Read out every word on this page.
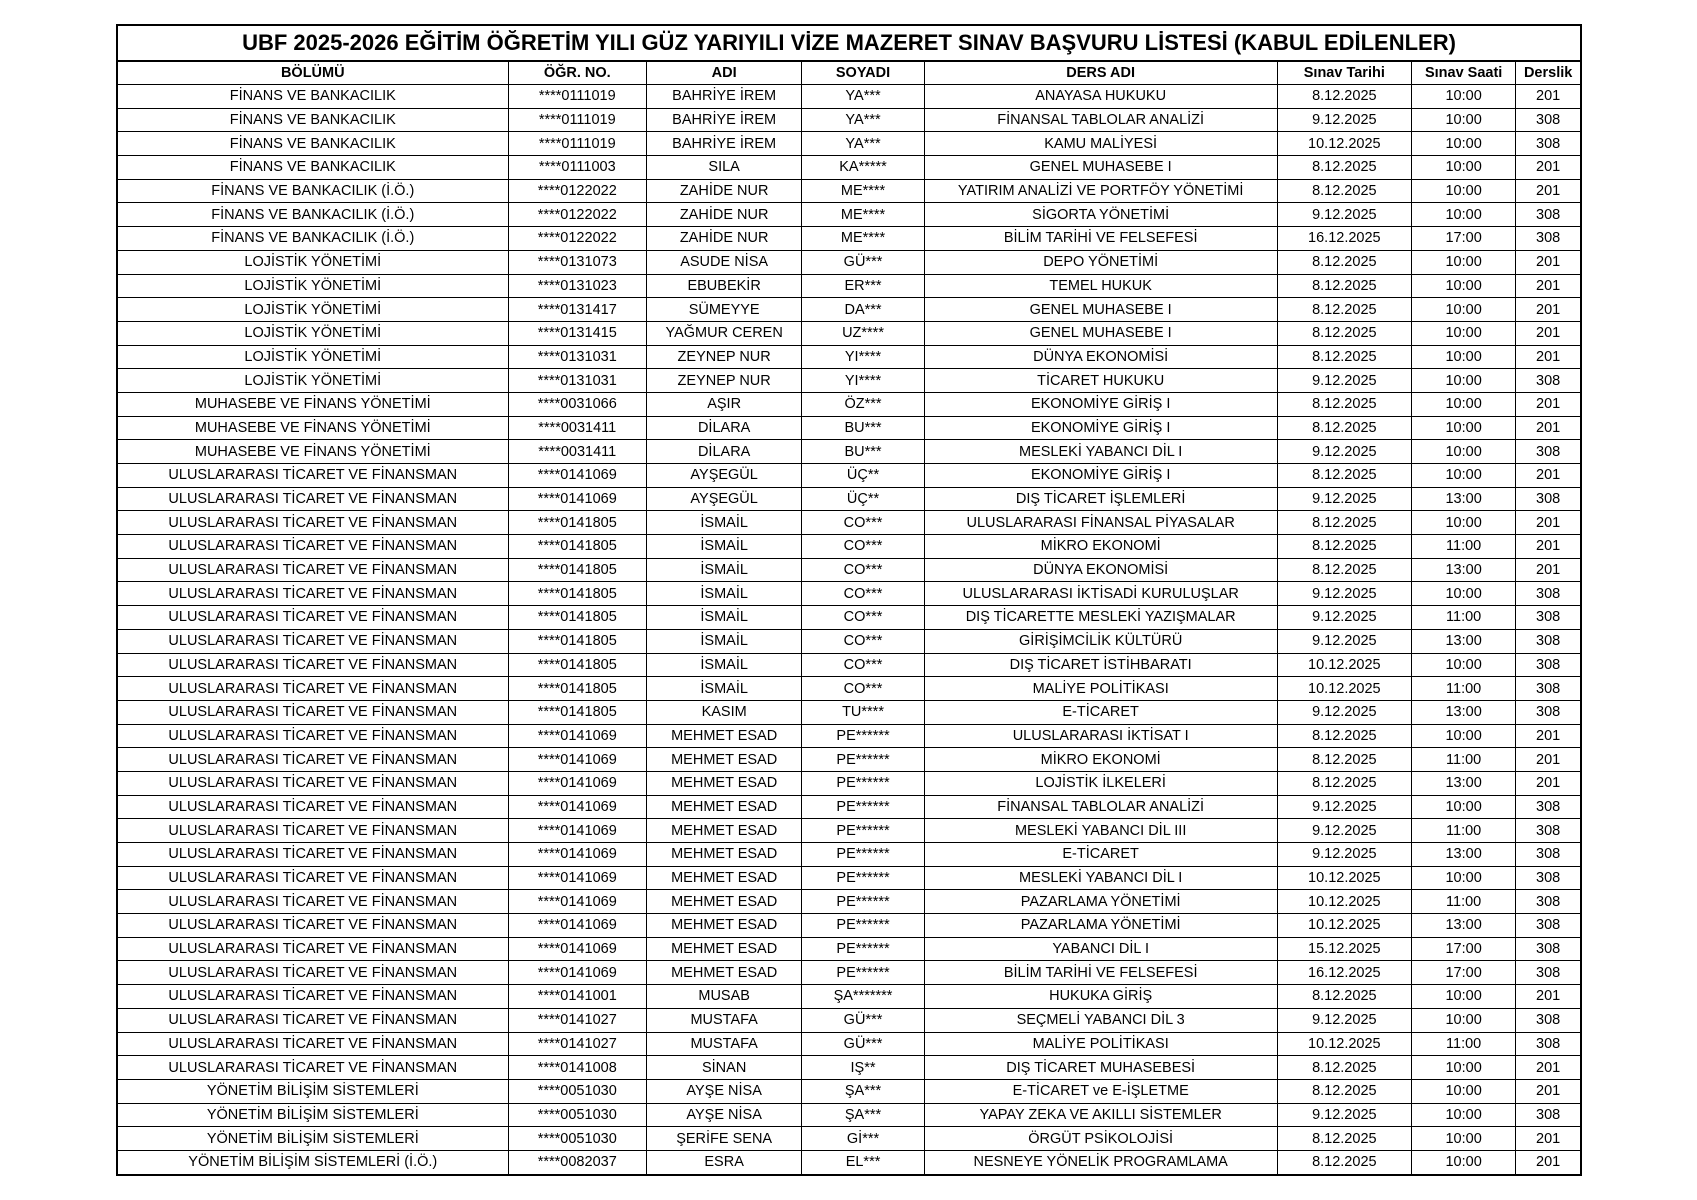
UBF 2025-2026 EĞİTİM ÖĞRETİM YILI GÜZ YARIYILI VİZE MAZERET SINAV BAŞVURU LİSTESİ (KABUL EDİLENLER)
BÖLÜMÜ	ÖĞR. NO.	ADI	SOYADI	DERS ADI	Sınav Tarihi	Sınav Saati	Derslik
FİNANS VE BANKACILIK	****0111019	BAHRİYE İREM	YA***	ANAYASA HUKUKU	8.12.2025	10:00	201
FİNANS VE BANKACILIK	****0111019	BAHRİYE İREM	YA***	FİNANSAL TABLOLAR ANALİZİ	9.12.2025	10:00	308
FİNANS VE BANKACILIK	****0111019	BAHRİYE İREM	YA***	KAMU MALİYESİ	10.12.2025	10:00	308
FİNANS VE BANKACILIK	****0111003	SILA	KA*****	GENEL MUHASEBE I	8.12.2025	10:00	201
FİNANS VE BANKACILIK (İ.Ö.)	****0122022	ZAHİDE NUR	ME****	YATIRIM ANALİZİ VE PORTFÖY YÖNETİMİ	8.12.2025	10:00	201
FİNANS VE BANKACILIK (İ.Ö.)	****0122022	ZAHİDE NUR	ME****	SİGORTA YÖNETİMİ	9.12.2025	10:00	308
FİNANS VE BANKACILIK (İ.Ö.)	****0122022	ZAHİDE NUR	ME****	BİLİM TARİHİ VE FELSEFESİ	16.12.2025	17:00	308
LOJİSTİK YÖNETİMİ	****0131073	ASUDE NİSA	GÜ***	DEPO YÖNETİMİ	8.12.2025	10:00	201
LOJİSTİK YÖNETİMİ	****0131023	EBUBEKİR	ER***	TEMEL HUKUK	8.12.2025	10:00	201
LOJİSTİK YÖNETİMİ	****0131417	SÜMEYYE	DA***	GENEL MUHASEBE I	8.12.2025	10:00	201
LOJİSTİK YÖNETİMİ	****0131415	YAĞMUR CEREN	UZ****	GENEL MUHASEBE I	8.12.2025	10:00	201
LOJİSTİK YÖNETİMİ	****0131031	ZEYNEP NUR	YI****	DÜNYA EKONOMİSİ	8.12.2025	10:00	201
LOJİSTİK YÖNETİMİ	****0131031	ZEYNEP NUR	YI****	TİCARET HUKUKU	9.12.2025	10:00	308
MUHASEBE VE FİNANS YÖNETİMİ	****0031066	AŞIR	ÖZ***	EKONOMİYE GİRİŞ I	8.12.2025	10:00	201
MUHASEBE VE FİNANS YÖNETİMİ	****0031411	DİLARA	BU***	EKONOMİYE GİRİŞ I	8.12.2025	10:00	201
MUHASEBE VE FİNANS YÖNETİMİ	****0031411	DİLARA	BU***	MESLEKİ YABANCI DİL I	9.12.2025	10:00	308
ULUSLARARASI TİCARET VE FİNANSMAN	****0141069	AYŞEGÜL	ÜÇ**	EKONOMİYE GİRİŞ I	8.12.2025	10:00	201
ULUSLARARASI TİCARET VE FİNANSMAN	****0141069	AYŞEGÜL	ÜÇ**	DIŞ TİCARET İŞLEMLERİ	9.12.2025	13:00	308
ULUSLARARASI TİCARET VE FİNANSMAN	****0141805	İSMAİL	CO***	ULUSLARARASI FİNANSAL PİYASALAR	8.12.2025	10:00	201
ULUSLARARASI TİCARET VE FİNANSMAN	****0141805	İSMAİL	CO***	MİKRO EKONOMİ	8.12.2025	11:00	201
ULUSLARARASI TİCARET VE FİNANSMAN	****0141805	İSMAİL	CO***	DÜNYA EKONOMİSİ	8.12.2025	13:00	201
ULUSLARARASI TİCARET VE FİNANSMAN	****0141805	İSMAİL	CO***	ULUSLARARASI İKTİSADİ KURULUŞLAR	9.12.2025	10:00	308
ULUSLARARASI TİCARET VE FİNANSMAN	****0141805	İSMAİL	CO***	DIŞ TİCARETTE MESLEKİ YAZIŞMALAR	9.12.2025	11:00	308
ULUSLARARASI TİCARET VE FİNANSMAN	****0141805	İSMAİL	CO***	GİRİŞİMCİLİK KÜLTÜRÜ	9.12.2025	13:00	308
ULUSLARARASI TİCARET VE FİNANSMAN	****0141805	İSMAİL	CO***	DIŞ TİCARET İSTİHBARATI	10.12.2025	10:00	308
ULUSLARARASI TİCARET VE FİNANSMAN	****0141805	İSMAİL	CO***	MALİYE POLİTİKASI	10.12.2025	11:00	308
ULUSLARARASI TİCARET VE FİNANSMAN	****0141805	KASIM	TU****	E-TİCARET	9.12.2025	13:00	308
ULUSLARARASI TİCARET VE FİNANSMAN	****0141069	MEHMET ESAD	PE******	ULUSLARARASI İKTİSAT I	8.12.2025	10:00	201
ULUSLARARASI TİCARET VE FİNANSMAN	****0141069	MEHMET ESAD	PE******	MİKRO EKONOMİ	8.12.2025	11:00	201
ULUSLARARASI TİCARET VE FİNANSMAN	****0141069	MEHMET ESAD	PE******	LOJİSTİK İLKELERİ	8.12.2025	13:00	201
ULUSLARARASI TİCARET VE FİNANSMAN	****0141069	MEHMET ESAD	PE******	FİNANSAL TABLOLAR ANALİZİ	9.12.2025	10:00	308
ULUSLARARASI TİCARET VE FİNANSMAN	****0141069	MEHMET ESAD	PE******	MESLEKİ YABANCI DİL III	9.12.2025	11:00	308
ULUSLARARASI TİCARET VE FİNANSMAN	****0141069	MEHMET ESAD	PE******	E-TİCARET	9.12.2025	13:00	308
ULUSLARARASI TİCARET VE FİNANSMAN	****0141069	MEHMET ESAD	PE******	MESLEKİ YABANCI DİL I	10.12.2025	10:00	308
ULUSLARARASI TİCARET VE FİNANSMAN	****0141069	MEHMET ESAD	PE******	PAZARLAMA YÖNETİMİ	10.12.2025	11:00	308
ULUSLARARASI TİCARET VE FİNANSMAN	****0141069	MEHMET ESAD	PE******	PAZARLAMA YÖNETİMİ	10.12.2025	13:00	308
ULUSLARARASI TİCARET VE FİNANSMAN	****0141069	MEHMET ESAD	PE******	YABANCI DİL I	15.12.2025	17:00	308
ULUSLARARASI TİCARET VE FİNANSMAN	****0141069	MEHMET ESAD	PE******	BİLİM TARİHİ VE FELSEFESİ	16.12.2025	17:00	308
ULUSLARARASI TİCARET VE FİNANSMAN	****0141001	MUSAB	ŞA*******	HUKUKA GİRİŞ	8.12.2025	10:00	201
ULUSLARARASI TİCARET VE FİNANSMAN	****0141027	MUSTAFA	GÜ***	SEÇMELİ YABANCI DİL 3	9.12.2025	10:00	308
ULUSLARARASI TİCARET VE FİNANSMAN	****0141027	MUSTAFA	GÜ***	MALİYE POLİTİKASI	10.12.2025	11:00	308
ULUSLARARASI TİCARET VE FİNANSMAN	****0141008	SİNAN	IŞ**	DIŞ TİCARET MUHASEBESİ	8.12.2025	10:00	201
YÖNETİM BİLİŞİM SİSTEMLERİ	****0051030	AYŞE NİSA	ŞA***	E-TİCARET ve E-İŞLETME	8.12.2025	10:00	201
YÖNETİM BİLİŞİM SİSTEMLERİ	****0051030	AYŞE NİSA	ŞA***	YAPAY ZEKA VE AKILLI SİSTEMLER	9.12.2025	10:00	308
YÖNETİM BİLİŞİM SİSTEMLERİ	****0051030	ŞERİFE SENA	Gİ***	ÖRGÜT PSİKOLOJİSİ	8.12.2025	10:00	201
YÖNETİM BİLİŞİM SİSTEMLERİ (İ.Ö.)	****0082037	ESRA	EL***	NESNEYE YÖNELİK PROGRAMLAMA	8.12.2025	10:00	201
